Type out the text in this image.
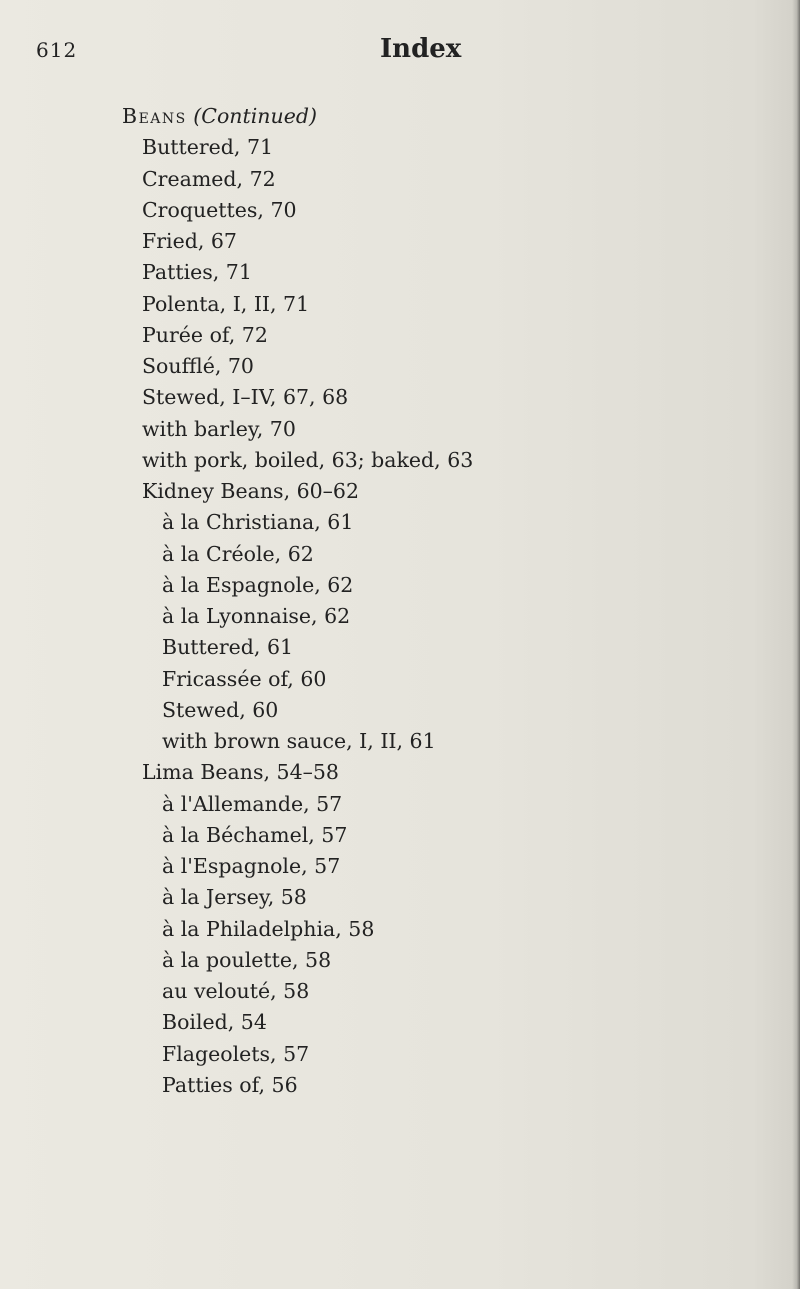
612	Index
Beans (Continued)
Buttered, 71
Creamed, 72
Croquettes, 70
Fried, 67
Patties, 71
Polenta, I, II, 71
Purée of, 72
Soufflé, 70
Stewed, I–IV, 67, 68
with barley, 70
with pork, boiled, 63; baked, 63
Kidney Beans, 60–62
à la Christiana, 61
à la Créole, 62
à la Espagnole, 62
à la Lyonnaise, 62
Buttered, 61
Fricassée of, 60
Stewed, 60
with brown sauce, I, II, 61
Lima Beans, 54–58
à l'Allemande, 57
à la Béchamel, 57
à l'Espagnole, 57
à la Jersey, 58
à la Philadelphia, 58
à la poulette, 58
au velouté, 58
Boiled, 54
Flageolets, 57
Patties of, 56
